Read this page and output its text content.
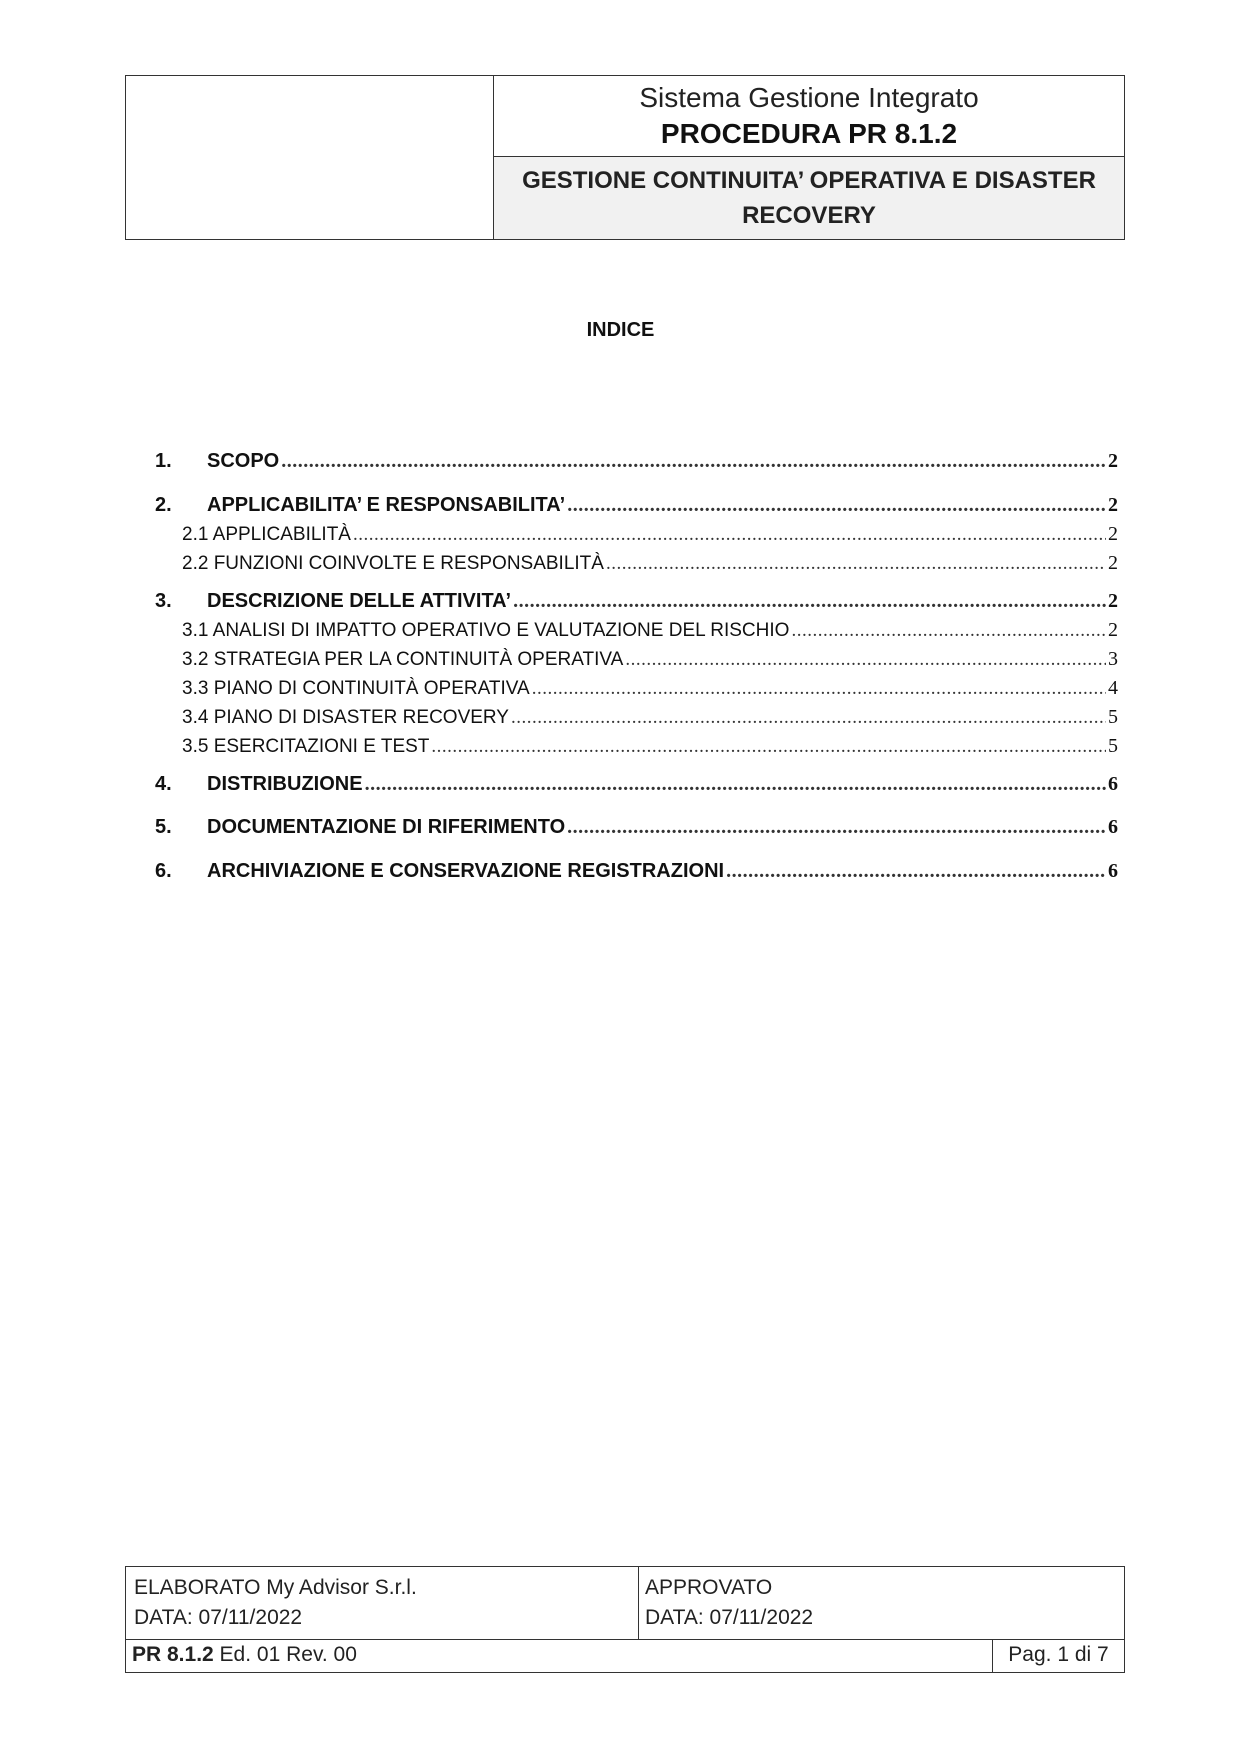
Sistema Gestione Integrato
PROCEDURA PR 8.1.2
GESTIONE CONTINUITA’ OPERATIVA E DISASTER RECOVERY
INDICE
1.	SCOPO .....	2
2.	APPLICABILITA’ E RESPONSABILITA’ .....	2
2.1 APPLICABILITÀ .....	2
2.2 FUNZIONI COINVOLTE E RESPONSABILITÀ .....	2
3.	DESCRIZIONE DELLE ATTIVITA’ .....	2
3.1 ANALISI DI IMPATTO OPERATIVO E VALUTAZIONE DEL RISCHIO .....	2
3.2 STRATEGIA PER LA CONTINUITÀ OPERATIVA .....	3
3.3 PIANO DI CONTINUITÀ OPERATIVA .....	4
3.4 PIANO DI DISASTER RECOVERY .....	5
3.5 ESERCITAZIONI E TEST .....	5
4.	DISTRIBUZIONE .....	6
5.	DOCUMENTAZIONE DI RIFERIMENTO .....	6
6.	ARCHIVIAZIONE E CONSERVAZIONE REGISTRAZIONI .....	6
ELABORATO My Advisor S.r.l.
DATA: 07/11/2022
APPROVATO
DATA: 07/11/2022
PR 8.1.2 Ed. 01 Rev. 00	Pag. 1 di 7
